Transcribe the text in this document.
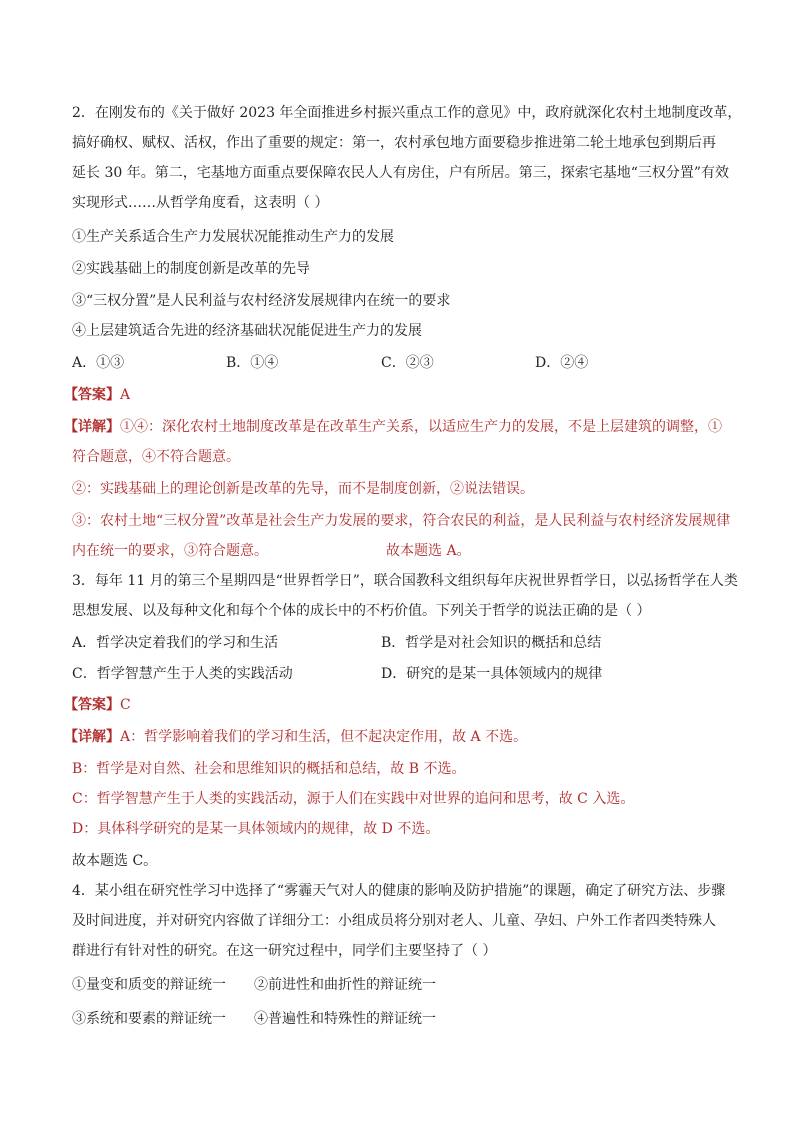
2．在刚发布的《关于做好 2023 年全面推进乡村振兴重点工作的意见》中，政府就深化农村土地制度改革，
搞好确权、赋权、活权，作出了重要的规定：第一，农村承包地方面要稳步推进第二轮土地承包到期后再
延长 30 年。第二，宅基地方面重点要保障农民人人有房住，户有所居。第三，探索宅基地“三权分置”有效
实现形式……从哲学角度看，这表明（ ）
①生产关系适合生产力发展状况能推动生产力的发展
②实践基础上的制度创新是改革的先导
③“三权分置”是人民利益与农村经济发展规律内在统一的要求
④上层建筑适合先进的经济基础状况能促进生产力的发展
A．①③	B．①④	C．②③	D．②④
【答案】A
【详解】①④：深化农村土地制度改革是在改革生产关系，以适应生产力的发展，不是上层建筑的调整，①
符合题意，④不符合题意。
②：实践基础上的理论创新是改革的先导，而不是制度创新，②说法错误。
③：农村土地“三权分置”改革是社会生产力发展的要求，符合农民的利益，是人民利益与农村经济发展规律
内在统一的要求，③符合题意。	故本题选 A。
3．每年 11 月的第三个星期四是“世界哲学日”，联合国教科文组织每年庆祝世界哲学日，以弘扬哲学在人类
思想发展、以及每种文化和每个个体的成长中的不朽价值。下列关于哲学的说法正确的是（ ）
A．哲学决定着我们的学习和生活	B．哲学是对社会知识的概括和总结
C．哲学智慧产生于人类的实践活动	D．研究的是某一具体领域内的规律
【答案】C
【详解】A：哲学影响着我们的学习和生活，但不起决定作用，故 A 不选。
B：哲学是对自然、社会和思维知识的概括和总结，故 B 不选。
C：哲学智慧产生于人类的实践活动，源于人们在实践中对世界的追问和思考，故 C 入选。
D：具体科学研究的是某一具体领域内的规律，故 D 不选。
故本题选 C。
4．某小组在研究性学习中选择了“雾霾天气对人的健康的影响及防护措施”的课题，确定了研究方法、步骤
及时间进度，并对研究内容做了详细分工：小组成员将分别对老人、儿童、孕妇、户外工作者四类特殊人
群进行有针对性的研究。在这一研究过程中，同学们主要坚持了（ ）
①量变和质变的辩证统一 ②前进性和曲折性的辩证统一
③系统和要素的辩证统一 ④普遍性和特殊性的辩证统一
